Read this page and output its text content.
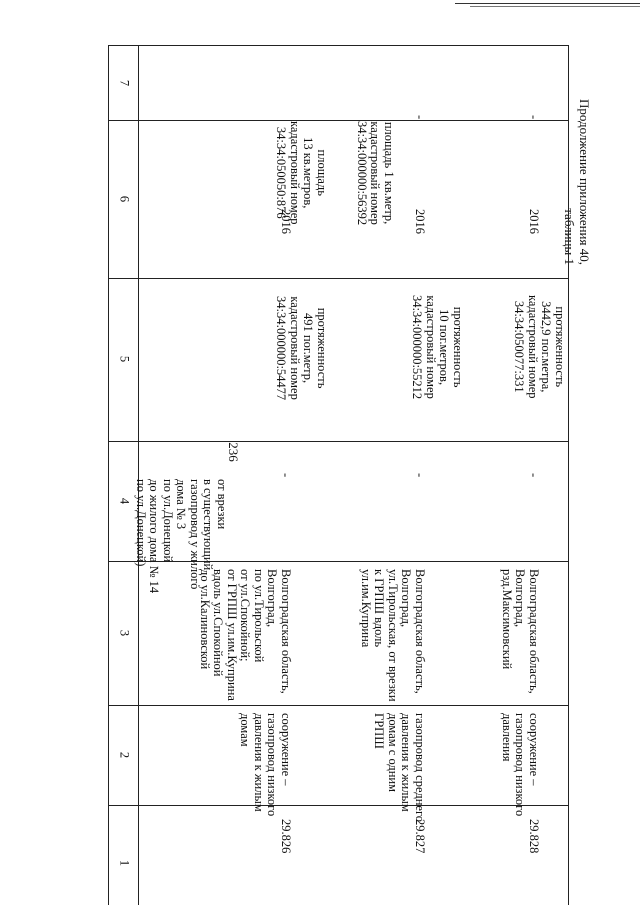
236
Продолжение приложения 40,
таблицы 1
7
6
5
4
3
2
1
от врезки
в существующий
газопровод у жилого
дома № 3
по ул.Донецкой
до жилого дома № 14
по ул.Донецкой)
29.826
сооружение –
газопровод низкого
давления к жилым
домам
Волгоградская область,
Волгоград,
по ул.Тирольской
от ул.Спокойной;
от ГРПШ ул.им.Куприна
вдоль ул.Спокойной
до ул.Калиновской
-
протяженность
491 пог.метр,
кадастровый номер
34:34:000000:54477
2016
площадь
13 кв.метров,
кадастровый номер
34:34:050050:876	площадь 1 кв.метр,
кадастровый номер
34:34:000000:56392
29.827
газопровод среднего
давления к жилым
домам с одним
ГРПШ
Волгоградская область,
Волгоград,
ул.Тирольская, от врезки
к ГРПШ вдоль
ул.им.Куприна
-
протяженность
10 пог.метров,
кадастровый номер
34:34:000000:55212
2016
-
29.828
сооружение –
газопровод низкого
давления
Волгоградская область,
Волгоград,
рзд.Максимовский
-
протяженность
3442,9 пог.метра,
кадастровый номер
34:34:050077:331
2016
-
